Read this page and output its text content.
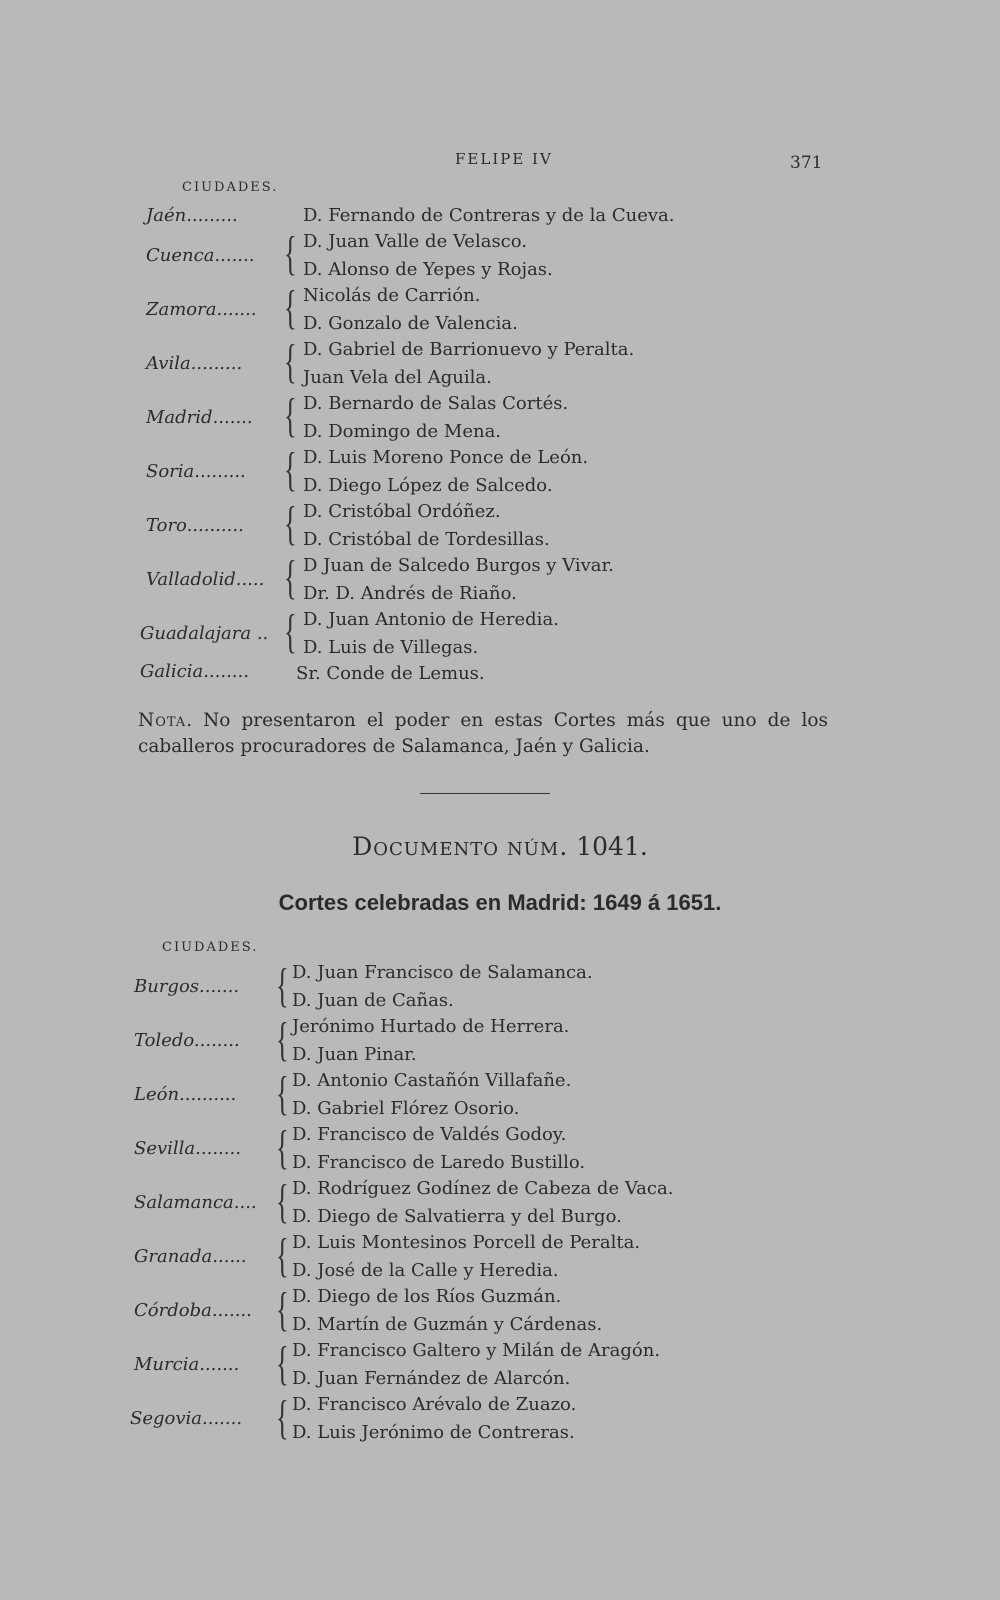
FELIPE IV	371
CIUDADES.
Jaén.........	D. Fernando de Contreras y de la Cueva.
Cuenca....... { D. Juan Valle de Velasco.
D. Alonso de Yepes y Rojas.
Zamora....... { Nicolás de Carrión.
D. Gonzalo de Valencia.
Avila......... { D. Gabriel de Barrionuevo y Peralta.
Juan Vela del Aguila.
Madrid....... { D. Bernardo de Salas Cortés.
D. Domingo de Mena.
Soria......... { D. Luis Moreno Ponce de León.
D. Diego López de Salcedo.
Toro.......... { D. Cristóbal Ordóñez.
D. Cristóbal de Tordesillas.
Valladolid..... { D Juan de Salcedo Burgos y Vivar.
Dr. D. Andrés de Riaño.
Guadalajara .. { D. Juan Antonio de Heredia.
D. Luis de Villegas.
Galicia........	Sr. Conde de Lemus.
Nota. No presentaron el poder en estas Cortes más que uno de los caballeros procuradores de Salamanca, Jaén y Galicia.
Documento núm. 1041.
Cortes celebradas en Madrid: 1649 á 1651.
CIUDADES.
Burgos....... { D. Juan Francisco de Salamanca.
D. Juan de Cañas.
Toledo........ { Jerónimo Hurtado de Herrera.
D. Juan Pinar.
León.......... { D. Antonio Castañón Villafañe.
D. Gabriel Flórez Osorio.
Sevilla........ { D. Francisco de Valdés Godoy.
D. Francisco de Laredo Bustillo.
Salamanca.... { D. Rodríguez Godínez de Cabeza de Vaca.
D. Diego de Salvatierra y del Burgo.
Granada...... { D. Luis Montesinos Porcell de Peralta.
D. José de la Calle y Heredia.
Córdoba....... { D. Diego de los Ríos Guzmán.
D. Martín de Guzmán y Cárdenas.
Murcia....... { D. Francisco Galtero y Milán de Aragón.
D. Juan Fernández de Alarcón.
Segovia....... { D. Francisco Arévalo de Zuazo.
D. Luis Jerónimo de Contreras.
